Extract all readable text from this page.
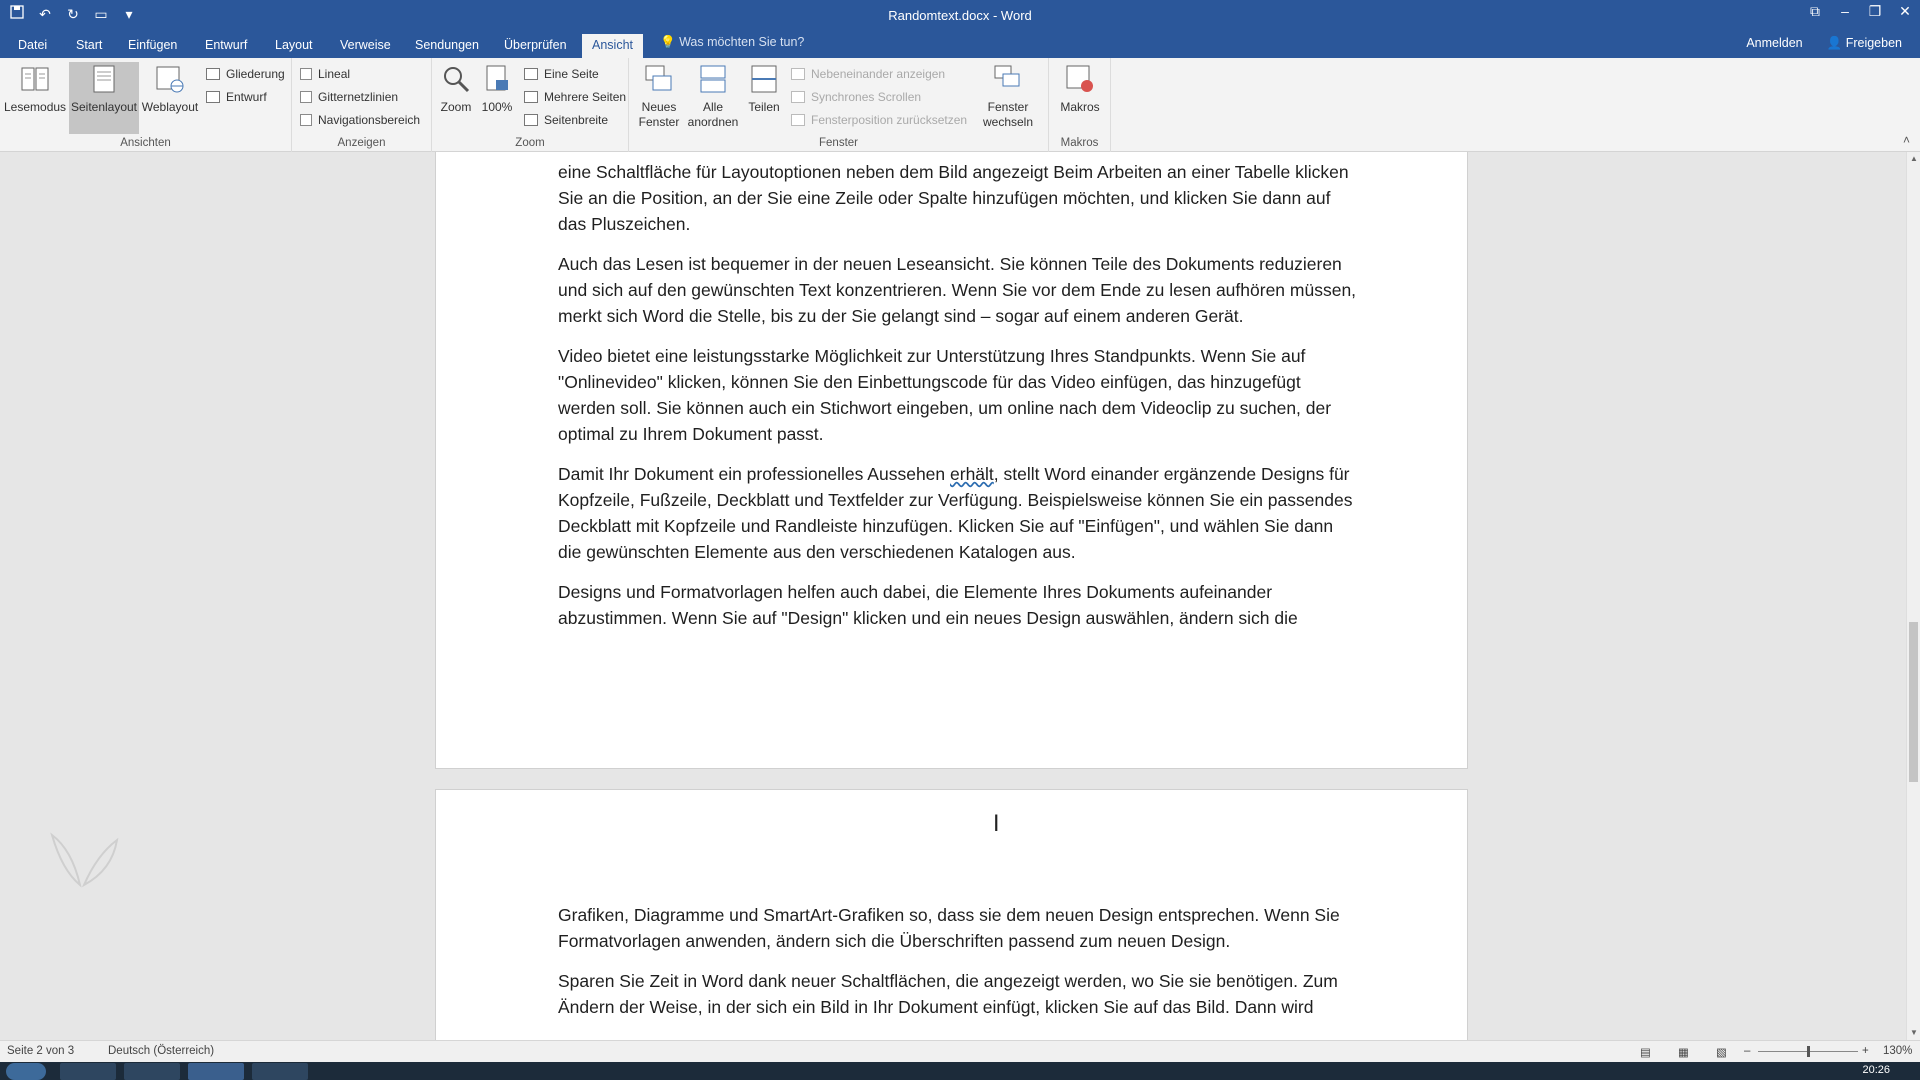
↶	↻	▭	▾	Randomtext.docx - Word	⧉	–	❐	✕
Datei	Start	Einfügen	Entwurf	Layout	Verweise	Sendungen	Überprüfen	Ansicht	💡 Was möchten Sie tun?	Anmelden 👤 Freigeben
Lesemodus Seitenlayout Weblayout
Gliederung
Entwurf
Ansichten
Lineal
Gitternetzlinien
Navigationsbereich
Anzeigen
Zoom 100%
Eine Seite
Mehrere Seiten
Seitenbreite
Zoom
Neues
Fenster
Alle
anordnen
Teilen
Nebeneinander anzeigen
Synchrones Scrollen
Fensterposition zurücksetzen
Fenster
wechseln
Fenster
Makros
Makros	˄

eine Schaltfläche für Layoutoptionen neben dem Bild angezeigt Beim Arbeiten an einer Tabelle klicken Sie an die Position, an der Sie eine Zeile oder Spalte hinzufügen möchten, und klicken Sie dann auf das Pluszeichen.

Auch das Lesen ist bequemer in der neuen Leseansicht. Sie können Teile des Dokuments reduzieren und sich auf den gewünschten Text konzentrieren. Wenn Sie vor dem Ende zu lesen aufhören müssen, merkt sich Word die Stelle, bis zu der Sie gelangt sind – sogar auf einem anderen Gerät.

Video bietet eine leistungsstarke Möglichkeit zur Unterstützung Ihres Standpunkts. Wenn Sie auf "Onlinevideo" klicken, können Sie den Einbettungscode für das Video einfügen, das hinzugefügt werden soll. Sie können auch ein Stichwort eingeben, um online nach dem Videoclip zu suchen, der optimal zu Ihrem Dokument passt.

Damit Ihr Dokument ein professionelles Aussehen erhält, stellt Word einander ergänzende Designs für Kopfzeile, Fußzeile, Deckblatt und Textfelder zur Verfügung. Beispielsweise können Sie ein passendes Deckblatt mit Kopfzeile und Randleiste hinzufügen. Klicken Sie auf "Einfügen", und wählen Sie dann die gewünschten Elemente aus den verschiedenen Katalogen aus.

Designs und Formatvorlagen helfen auch dabei, die Elemente Ihres Dokuments aufeinander abzustimmen. Wenn Sie auf "Design" klicken und ein neues Design auswählen, ändern sich die

Grafiken, Diagramme und SmartArt-Grafiken so, dass sie dem neuen Design entsprechen. Wenn Sie Formatvorlagen anwenden, ändern sich die Überschriften passend zum neuen Design.

Sparen Sie Zeit in Word dank neuer Schaltflächen, die angezeigt werden, wo Sie sie benötigen. Zum Ändern der Weise, in der sich ein Bild in Ihr Dokument einfügt, klicken Sie auf das Bild. Dann wird

I
▲
▼
Seite 2 von 3	Deutsch (Österreich)	▤ ▦ ▧ –	+ 130%
20:26
